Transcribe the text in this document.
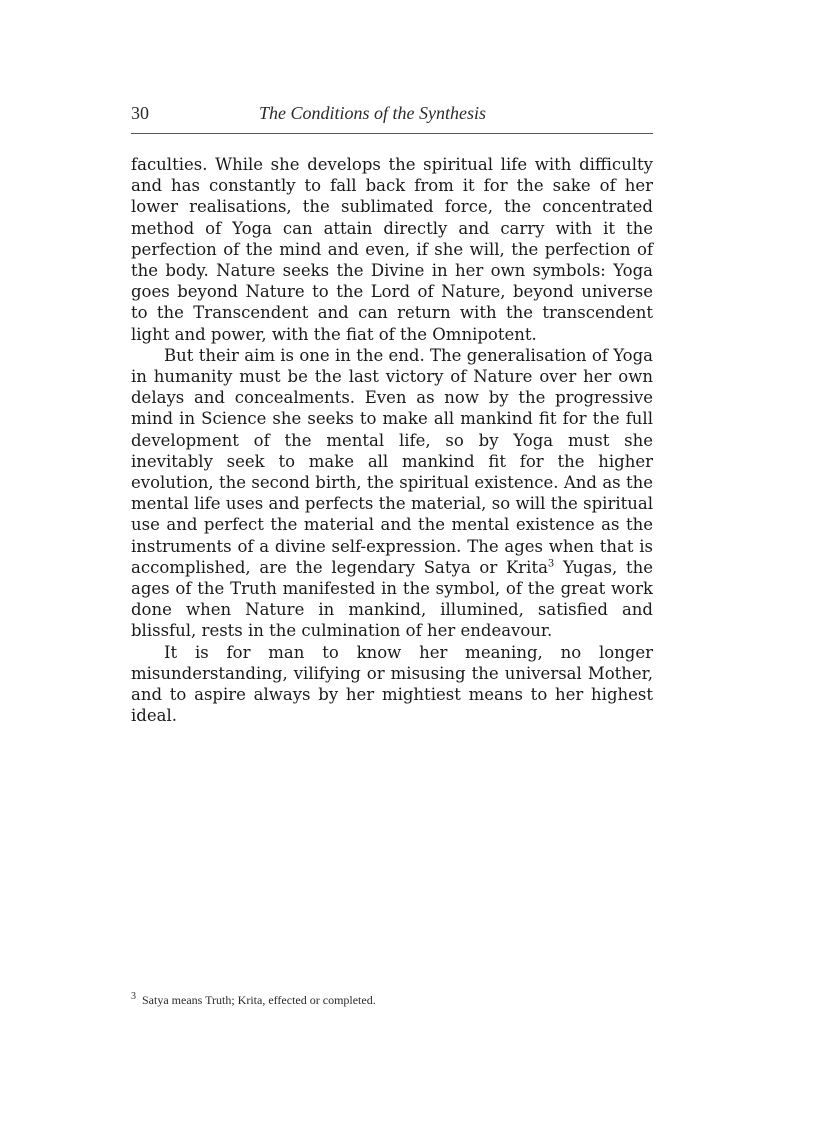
30	The Conditions of the Synthesis

faculties. While she develops the spiritual life with difficulty and has constantly to fall back from it for the sake of her lower realisations, the sublimated force, the concentrated method of Yoga can attain directly and carry with it the perfection of the mind and even, if she will, the perfection of the body. Nature seeks the Divine in her own symbols: Yoga goes beyond Nature to the Lord of Nature, beyond universe to the Transcendent and can return with the transcendent light and power, with the fiat of the Omnipotent.

But their aim is one in the end. The generalisation of Yoga in humanity must be the last victory of Nature over her own delays and concealments. Even as now by the progressive mind in Science she seeks to make all mankind fit for the full development of the mental life, so by Yoga must she inevitably seek to make all mankind fit for the higher evolution, the second birth, the spiritual existence. And as the mental life uses and perfects the material, so will the spiritual use and perfect the material and the mental existence as the instruments of a divine self-expression. The ages when that is accomplished, are the legendary Satya or Krita$^3$ Yugas, the ages of the Truth manifested in the symbol, of the great work done when Nature in mankind, illumined, satisfied and blissful, rests in the culmination of her endeavour.

It is for man to know her meaning, no longer misunderstanding, vilifying or misusing the universal Mother, and to aspire always by her mightiest means to her highest ideal.

$^3$ Satya means Truth; Krita, effected or completed.
